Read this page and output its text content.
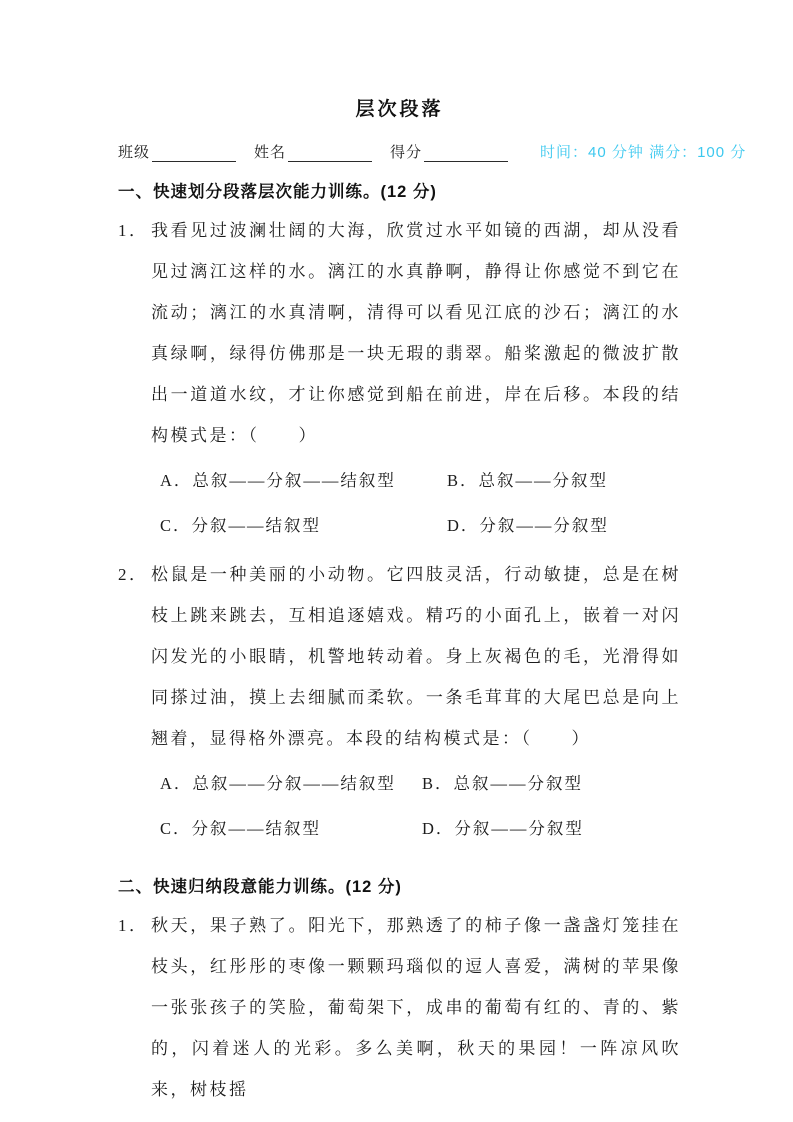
层次段落
班级	姓名	得分	时间：40 分钟 满分：100 分
一、快速划分段落层次能力训练。(12 分)
1． 我看见过波澜壮阔的大海，欣赏过水平如镜的西湖，却从没看见过漓江这样的水。漓江的水真静啊，静得让你感觉不到它在流动；漓江的水真清啊，清得可以看见江底的沙石；漓江的水真绿啊，绿得仿佛那是一块无瑕的翡翠。船桨激起的微波扩散出一道道水纹，才让你感觉到船在前进，岸在后移。本段的结构模式是：（　　）
A．总叙——分叙——结叙型	B．总叙——分叙型
C．分叙——结叙型	D．分叙——分叙型
2． 松鼠是一种美丽的小动物。它四肢灵活，行动敏捷，总是在树枝上跳来跳去，互相追逐嬉戏。精巧的小面孔上，嵌着一对闪闪发光的小眼睛，机警地转动着。身上灰褐色的毛，光滑得如同搽过油，摸上去细腻而柔软。一条毛茸茸的大尾巴总是向上翘着，显得格外漂亮。本段的结构模式是：（　　）
A．总叙——分叙——结叙型	B．总叙——分叙型
C．分叙——结叙型	D．分叙——分叙型
二、快速归纳段意能力训练。(12 分)
1． 秋天，果子熟了。阳光下，那熟透了的柿子像一盏盏灯笼挂在枝头，红彤彤的枣像一颗颗玛瑙似的逗人喜爱，满树的苹果像一张张孩子的笑脸，葡萄架下，成串的葡萄有红的、青的、紫的，闪着迷人的光彩。多么美啊，秋天的果园！一阵凉风吹来，树枝摇
